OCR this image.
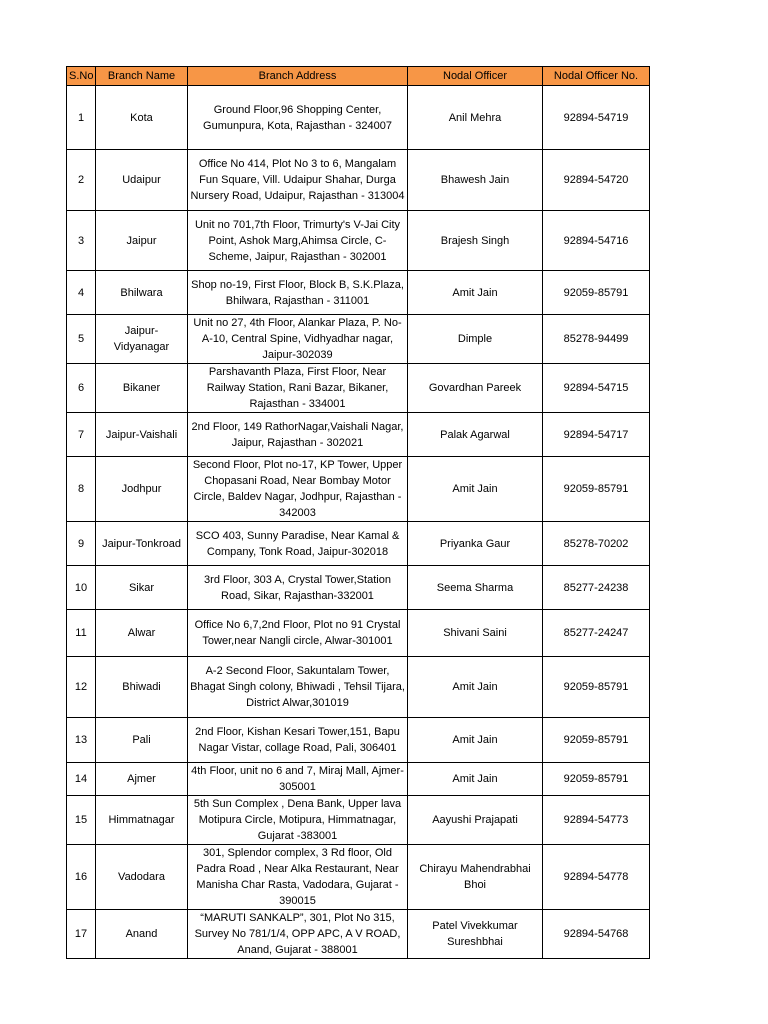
S.No	Branch Name	Branch Address	Nodal Officer	Nodal Officer No.
1	Kota	Ground Floor,96 Shopping Center, Gumunpura, Kota, Rajasthan - 324007	Anil Mehra	92894-54719
2	Udaipur	Office No 414, Plot No 3 to 6, Mangalam Fun Square, Vill. Udaipur Shahar, Durga Nursery Road, Udaipur, Rajasthan - 313004	Bhawesh Jain	92894-54720
3	Jaipur	Unit no 701,7th Floor, Trimurty's V-Jai City Point, Ashok Marg,Ahimsa Circle, C-Scheme, Jaipur, Rajasthan - 302001	Brajesh Singh	92894-54716
4	Bhilwara	Shop no-19, First Floor, Block B, S.K.Plaza, Bhilwara, Rajasthan - 311001	Amit Jain	92059-85791
5	Jaipur-Vidyanagar	Unit no 27, 4th Floor, Alankar Plaza, P. No-A-10, Central Spine, Vidhyadhar nagar, Jaipur-302039	Dimple	85278-94499
6	Bikaner	Parshavanth Plaza, First Floor, Near Railway Station, Rani Bazar, Bikaner, Rajasthan - 334001	Govardhan Pareek	92894-54715
7	Jaipur-Vaishali	2nd Floor, 149 RathorNagar,Vaishali Nagar, Jaipur, Rajasthan - 302021	Palak Agarwal	92894-54717
8	Jodhpur	Second Floor, Plot no-17, KP Tower, Upper Chopasani Road, Near Bombay Motor Circle, Baldev Nagar, Jodhpur, Rajasthan - 342003	Amit Jain	92059-85791
9	Jaipur-Tonkroad	SCO 403, Sunny Paradise, Near Kamal & Company, Tonk Road, Jaipur-302018	Priyanka Gaur	85278-70202
10	Sikar	3rd Floor, 303 A, Crystal Tower,Station Road, Sikar, Rajasthan-332001	Seema Sharma	85277-24238
11	Alwar	Office No 6,7,2nd Floor, Plot no 91 Crystal Tower,near Nangli circle, Alwar-301001	Shivani Saini	85277-24247
12	Bhiwadi	A-2 Second Floor, Sakuntalam Tower, Bhagat Singh colony, Bhiwadi , Tehsil Tijara, District Alwar,301019	Amit Jain	92059-85791
13	Pali	2nd Floor, Kishan Kesari Tower,151, Bapu Nagar Vistar, collage Road, Pali, 306401	Amit Jain	92059-85791
14	Ajmer	4th Floor, unit no 6 and 7, Miraj Mall, Ajmer-305001	Amit Jain	92059-85791
15	Himmatnagar	5th Sun Complex , Dena Bank, Upper lava Motipura Circle, Motipura, Himmatnagar, Gujarat -383001	Aayushi Prajapati	92894-54773
16	Vadodara	301, Splendor complex, 3 Rd floor, Old Padra Road , Near Alka Restaurant, Near Manisha Char Rasta, Vadodara, Gujarat - 390015	Chirayu Mahendrabhai Bhoi	92894-54778
17	Anand	“MARUTI SANKALP”, 301, Plot No 315, Survey No 781/1/4, OPP APC, A V ROAD, Anand, Gujarat - 388001	Patel Vivekkumar Sureshbhai	92894-54768
